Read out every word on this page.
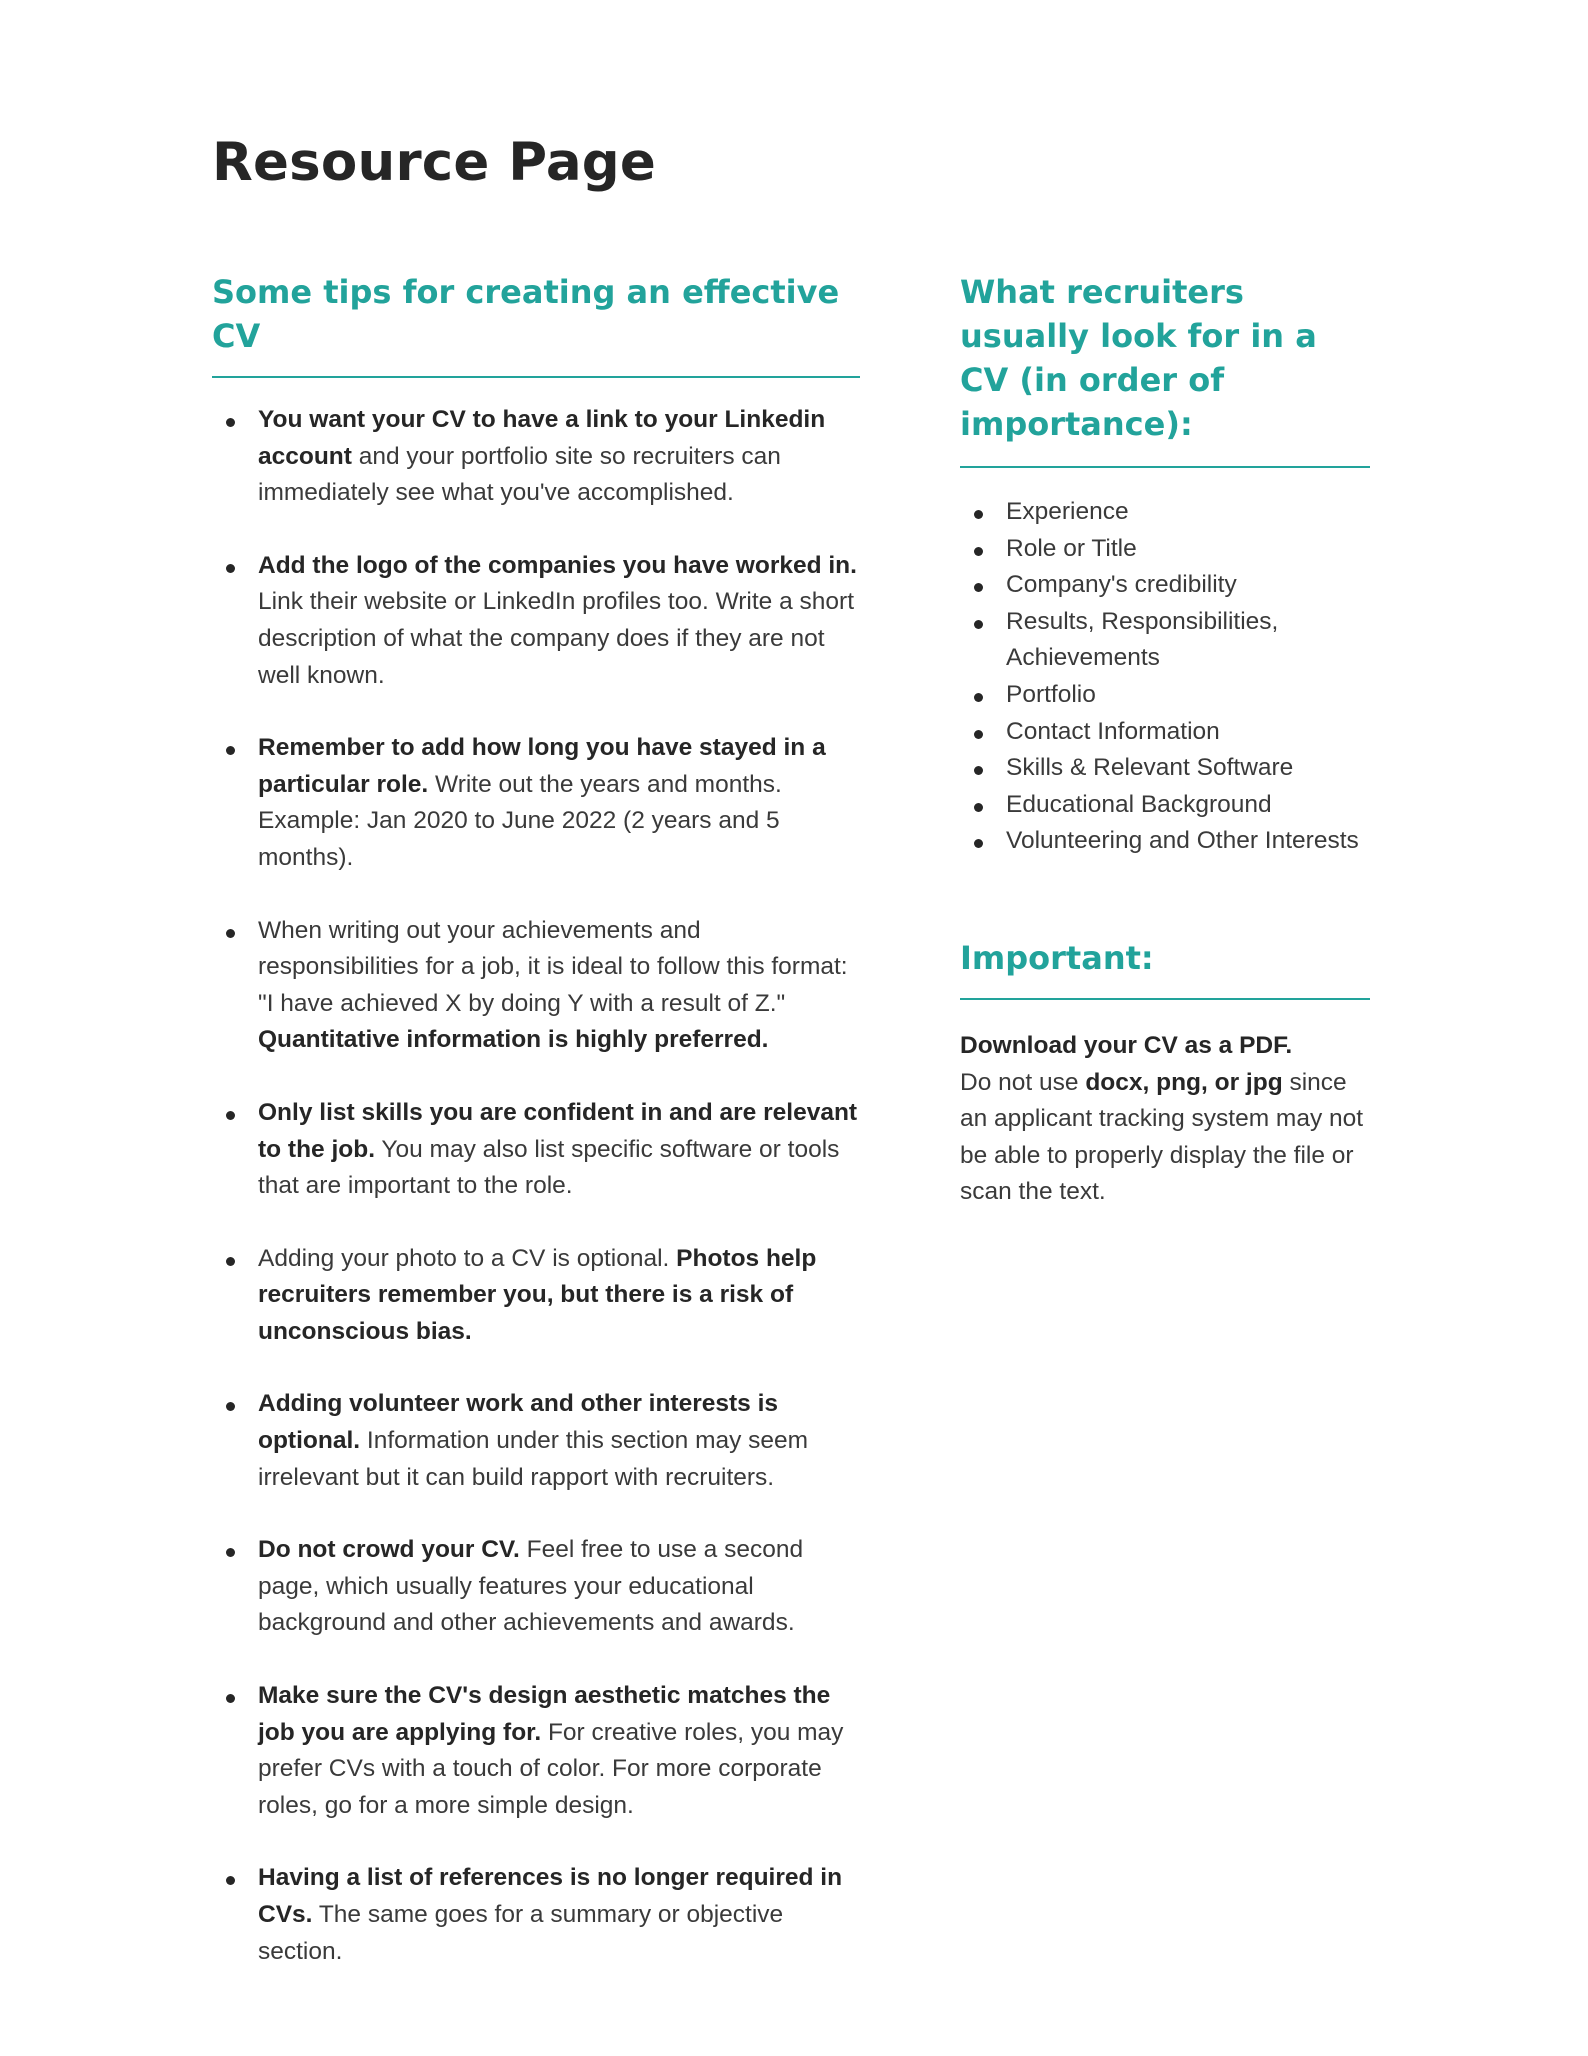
Resource Page
Some tips for creating an effective CV
You want your CV to have a link to your Linkedin account and your portfolio site so recruiters can immediately see what you've accomplished.
Add the logo of the companies you have worked in. Link their website or LinkedIn profiles too. Write a short description of what the company does if they are not well known.
Remember to add how long you have stayed in a particular role. Write out the years and months. Example: Jan 2020 to June 2022 (2 years and 5 months).
When writing out your achievements and responsibilities for a job, it is ideal to follow this format: "I have achieved X by doing Y with a result of Z." Quantitative information is highly preferred.
Only list skills you are confident in and are relevant to the job. You may also list specific software or tools that are important to the role.
Adding your photo to a CV is optional. Photos help recruiters remember you, but there is a risk of unconscious bias.
Adding volunteer work and other interests is optional. Information under this section may seem irrelevant but it can build rapport with recruiters.
Do not crowd your CV. Feel free to use a second page, which usually features your educational background and other achievements and awards.
Make sure the CV's design aesthetic matches the job you are applying for. For creative roles, you may prefer CVs with a touch of color. For more corporate roles, go for a more simple design.
Having a list of references is no longer required in CVs. The same goes for a summary or objective section.
What recruiters usually look for in a CV (in order of importance):
Experience
Role or Title
Company's credibility
Results, Responsibilities, Achievements
Portfolio
Contact Information
Skills & Relevant Software
Educational Background
Volunteering and Other Interests
Important:
Download your CV as a PDF.
Do not use docx, png, or jpg since an applicant tracking system may not be able to properly display the file or scan the text.
